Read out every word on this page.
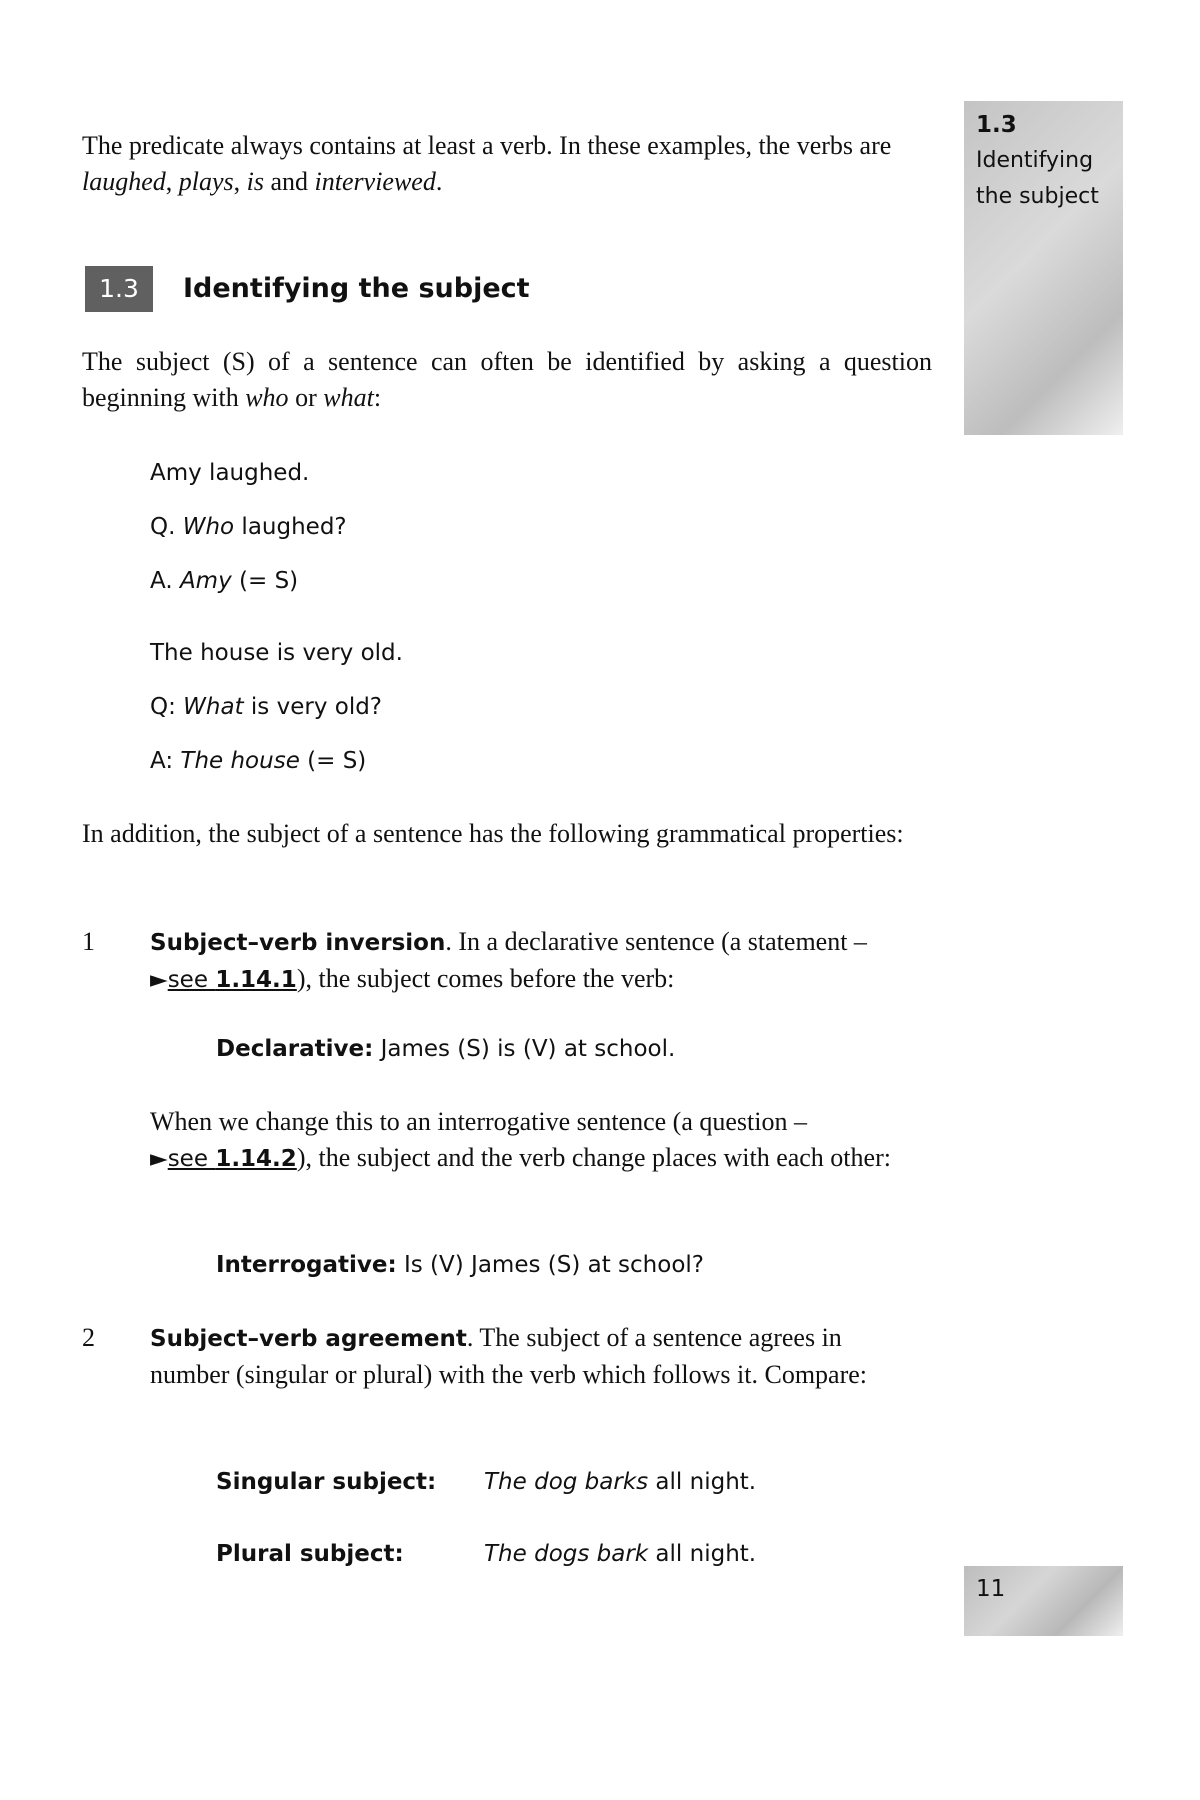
1.3
Identifying
the subject
The predicate always contains at least a verb. In these examples, the verbs are laughed, plays, is and interviewed.
1.3	Identifying the subject
The subject (S) of a sentence can often be identified by asking a question beginning with who or what:
Amy laughed.
Q. Who laughed?
A. Amy (= S)
The house is very old.
Q: What is very old?
A: The house (= S)
In addition, the subject of a sentence has the following grammatical properties:
1 Subject–verb inversion. In a declarative sentence (a statement –
►see 1.14.1), the subject comes before the verb:
Declarative: James (S) is (V) at school.
When we change this to an interrogative sentence (a question –
►see 1.14.2), the subject and the verb change places with each other:
Interrogative: Is (V) James (S) at school?
2 Subject–verb agreement. The subject of a sentence agrees in number (singular or plural) with the verb which follows it. Compare:
Singular subject: The dog barks all night.
Plural subject:	The dogs bark all night.
11
